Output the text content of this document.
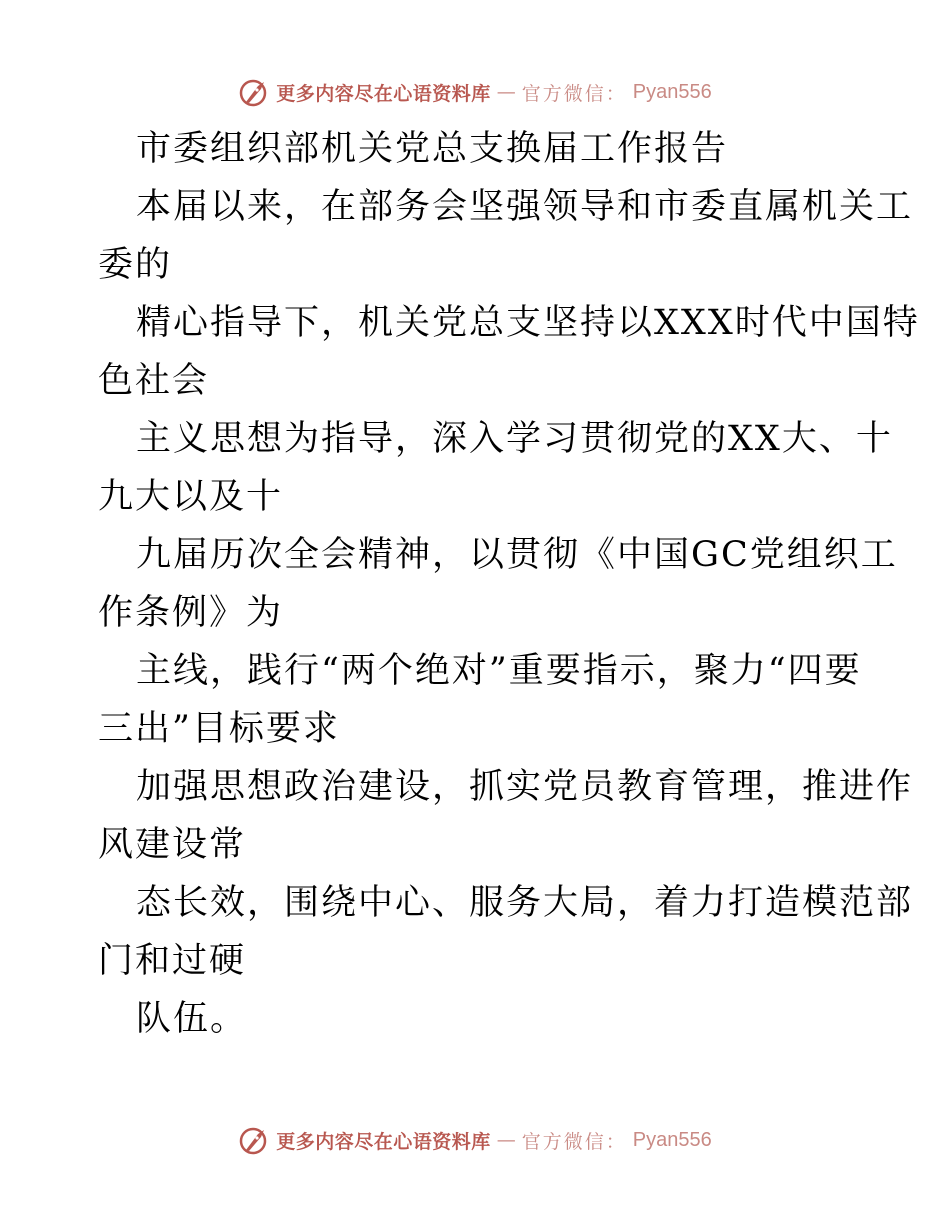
更多内容尽在心语资料库 — 官方微信： Pyan556
市委组织部机关党总支换届工作报告
本届以来，在部务会坚强领导和市委直属机关工
委的
精心指导下，机关党总支坚持以XXX时代中国特
色社会
主义思想为指导，深入学习贯彻党的XX大、十
九大以及十
九届历次全会精神，以贯彻《中国GC党组织工
作条例》为
主线，践行“两个绝对”重要指示，聚力“四要
三出”目标要求
加强思想政治建设，抓实党员教育管理，推进作
风建设常
态长效，围绕中心、服务大局，着力打造模范部
门和过硬
队伍。
更多内容尽在心语资料库 — 官方微信： Pyan556
